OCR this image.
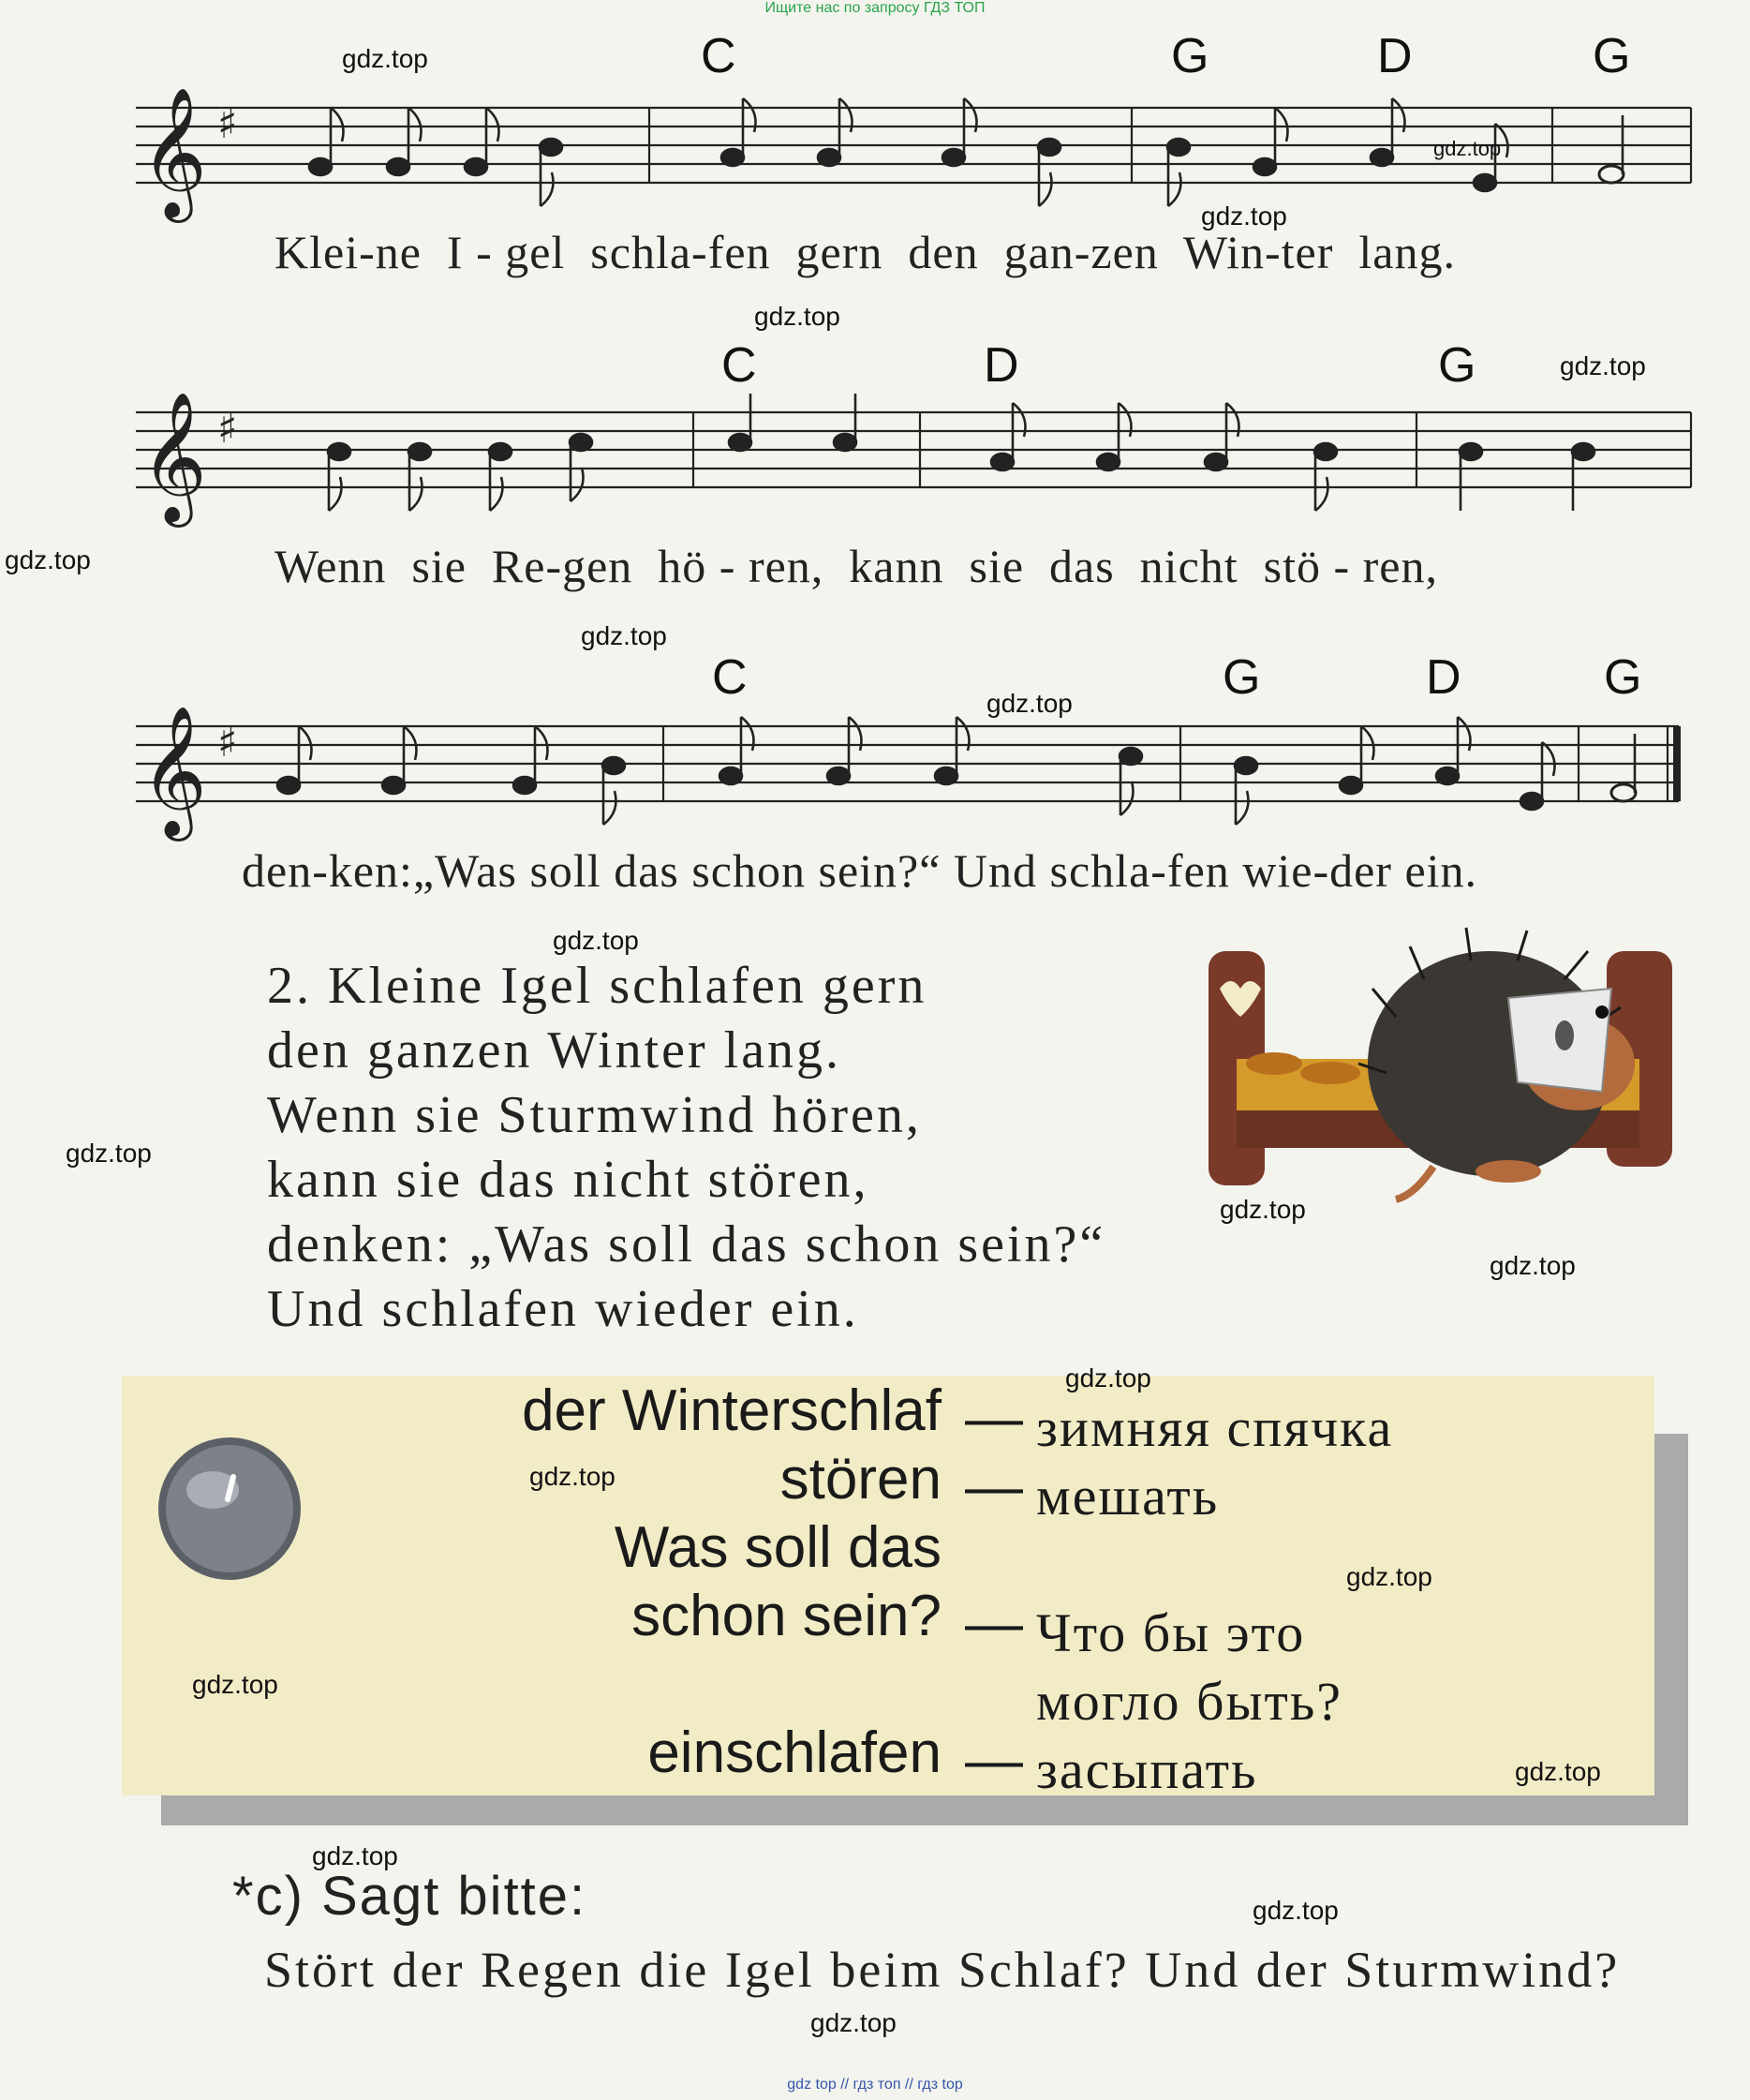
Ищите нас по запросу ГДЗ ТОП
gdz top // гдз топ // гдз top
C	G	D	G
𝄞 ♯
Klei-ne  I - gel  schla-fen  gern  den  gan-zen  Win-ter  lang.
C	D	G
𝄞 ♯
Wenn  sie  Re-gen  hö - ren,  kann  sie  das  nicht  stö - ren,
C	G	D	G
𝄞 ♯
den-ken:„Was soll das schon sein?“ Und schla-fen wie-der ein.
2. Kleine Igel schlafen gern
den ganzen Winter lang.
Wenn sie Sturmwind hören,
kann sie das nicht stören,
denken: „Was soll das schon sein?“
Und schlafen wieder ein.
der Winterschlaf — зимняя спячка
stören — мешать
Was soll das
schon sein? — Что бы это
могло быть?
einschlafen — засыпать
*c) Sagt bitte:
Stört der Regen die Igel beim Schlaf? Und der Sturmwind?
gdz.top
gdz.top
gdz.top
gdz.top
gdz.top
gdz.top
gdz.top
gdz.top
gdz.top
gdz.top
gdz.top
gdz.top
gdz.top
gdz.top
gdz.top
gdz.top
gdz.top
gdz.top
gdz.top
gdz.top
